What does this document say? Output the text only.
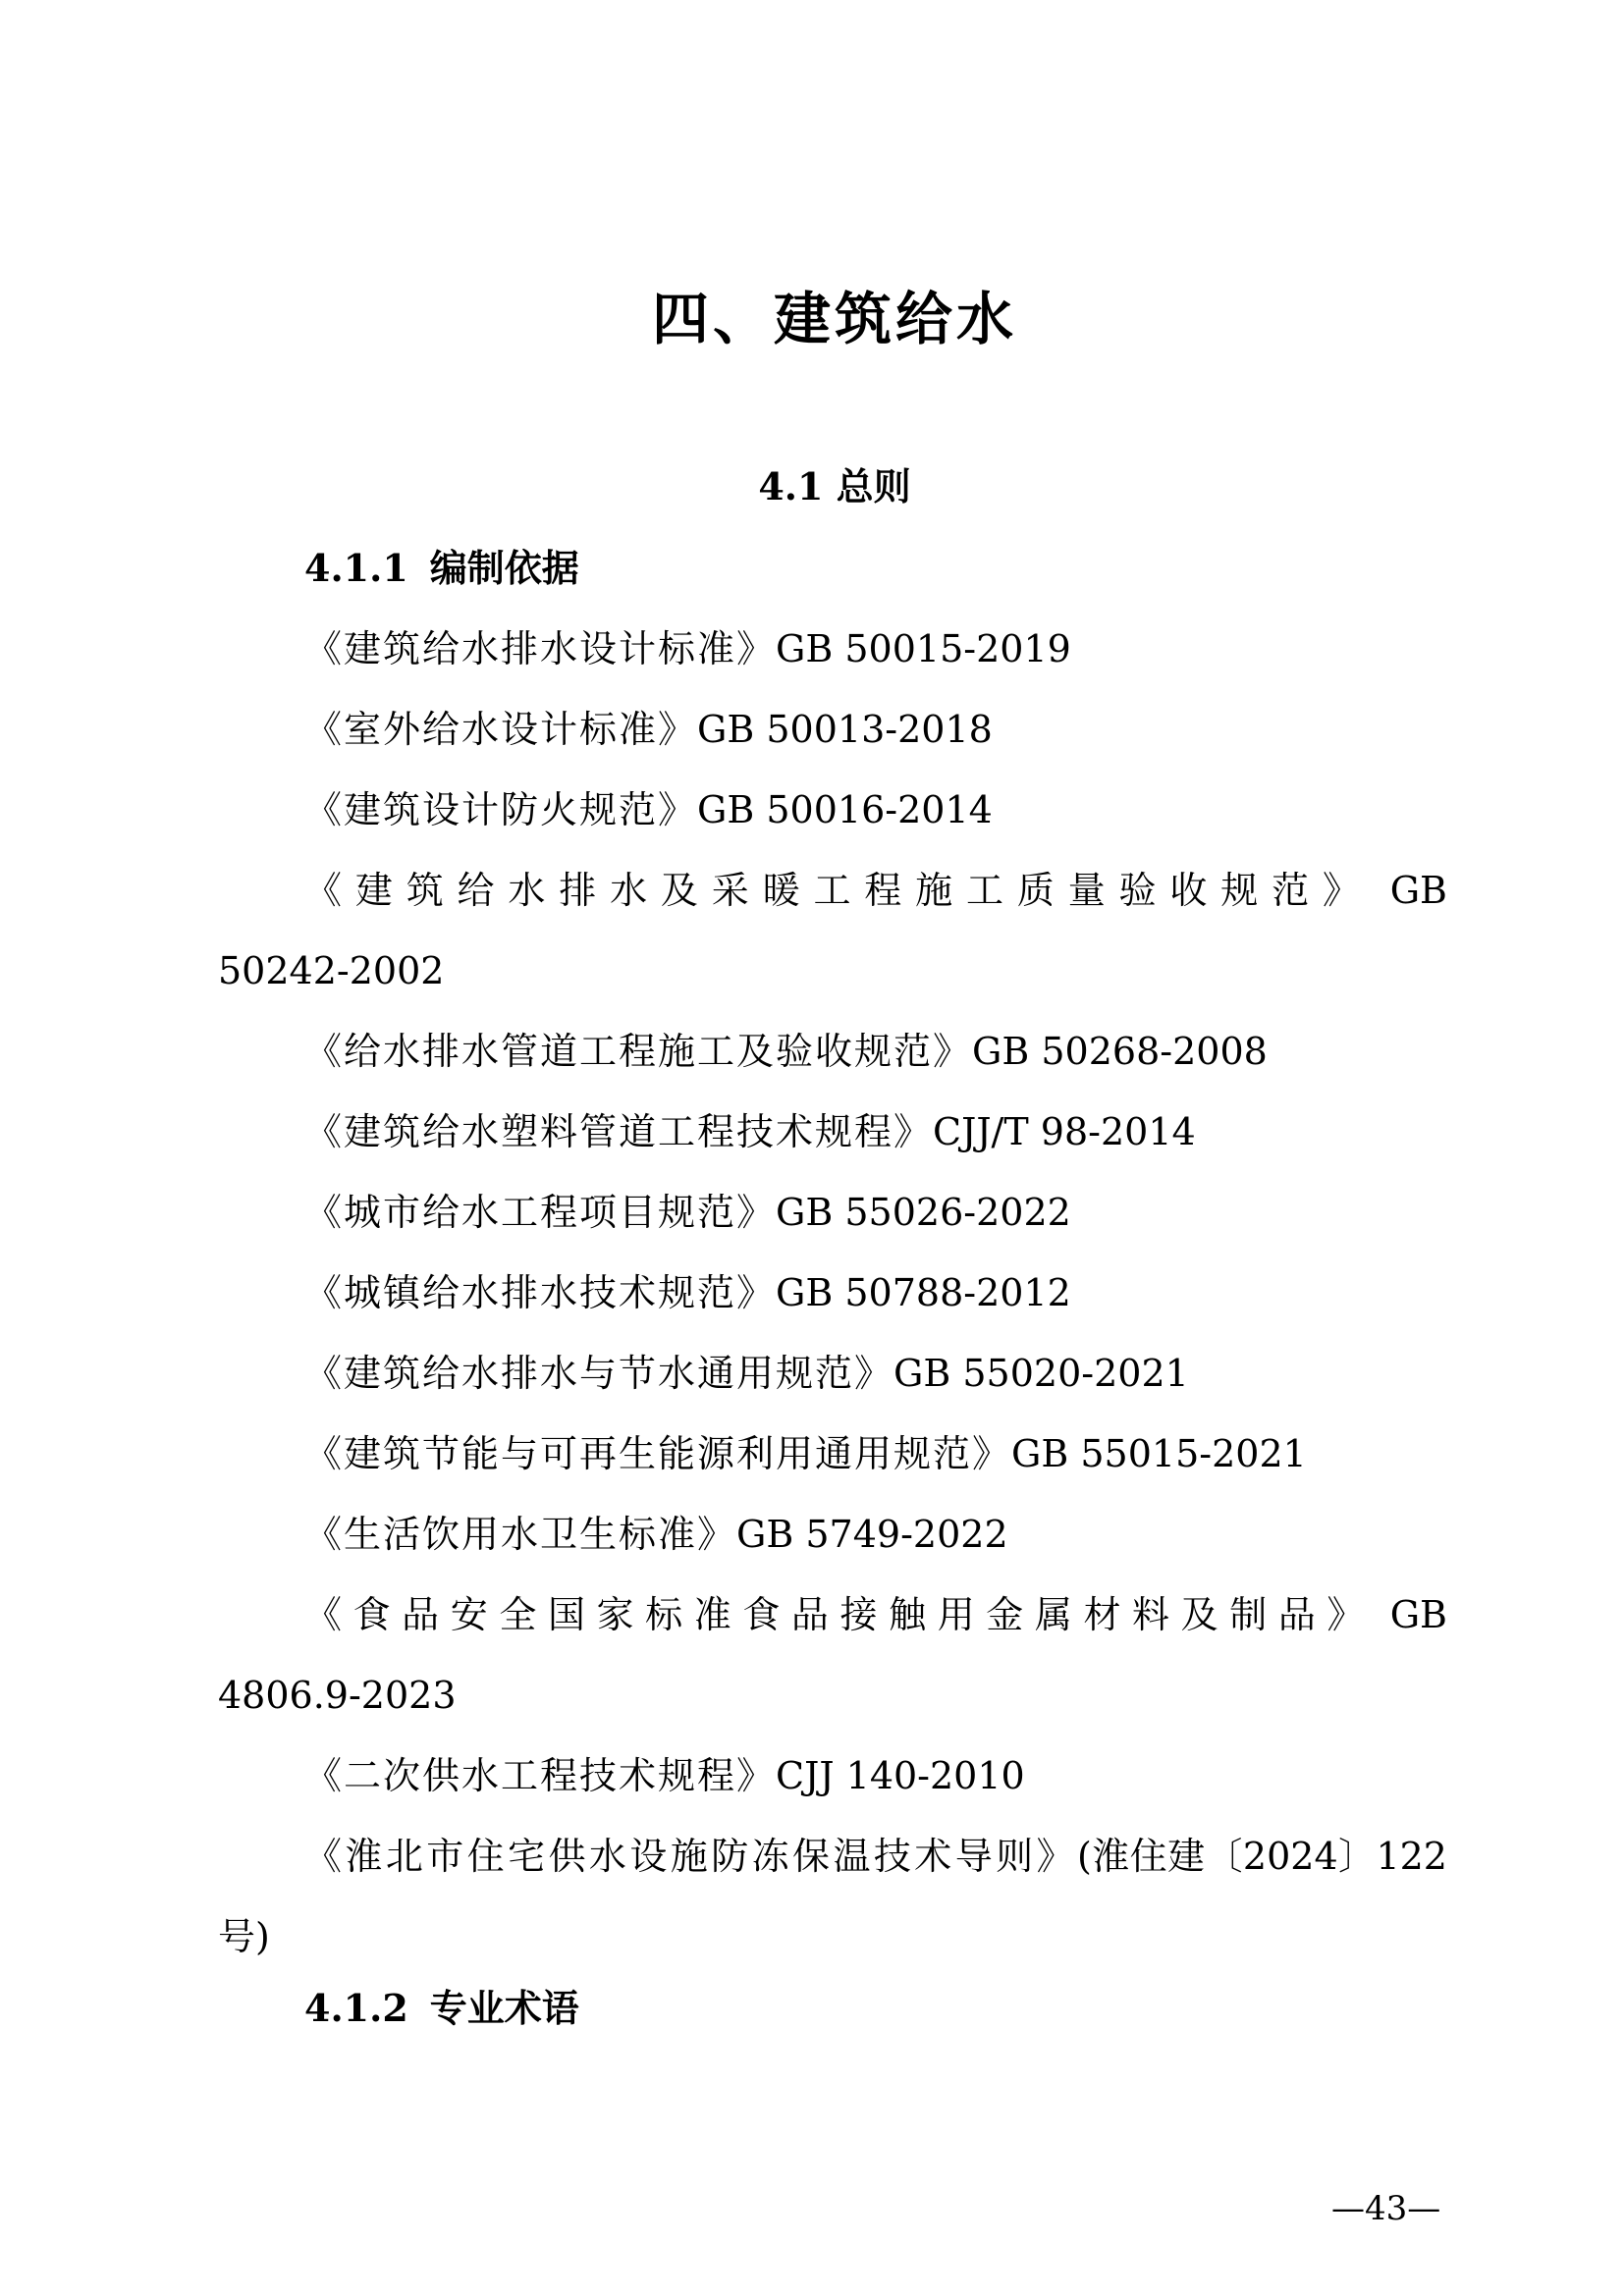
四、建筑给水
4.1 总则
4.1.1 编制依据
《建筑给水排水设计标准》GB 50015-2019
《室外给水设计标准》GB 50013-2018
《建筑设计防火规范》GB 50016-2014
《建筑给水排水及采暖工程施工质量验收规范》 GB 50242-2002
《给水排水管道工程施工及验收规范》GB 50268-2008
《建筑给水塑料管道工程技术规程》CJJ/T 98-2014
《城市给水工程项目规范》GB 55026-2022
《城镇给水排水技术规范》GB 50788-2012
《建筑给水排水与节水通用规范》GB 55020-2021
《建筑节能与可再生能源利用通用规范》GB 55015-2021
《生活饮用水卫生标准》GB 5749-2022
《食品安全国家标准食品接触用金属材料及制品》 GB 4806.9-2023
《二次供水工程技术规程》CJJ 140-2010
《淮北市住宅供水设施防冻保温技术导则》(淮住建〔2024〕122 号)
4.1.2 专业术语

—43—
